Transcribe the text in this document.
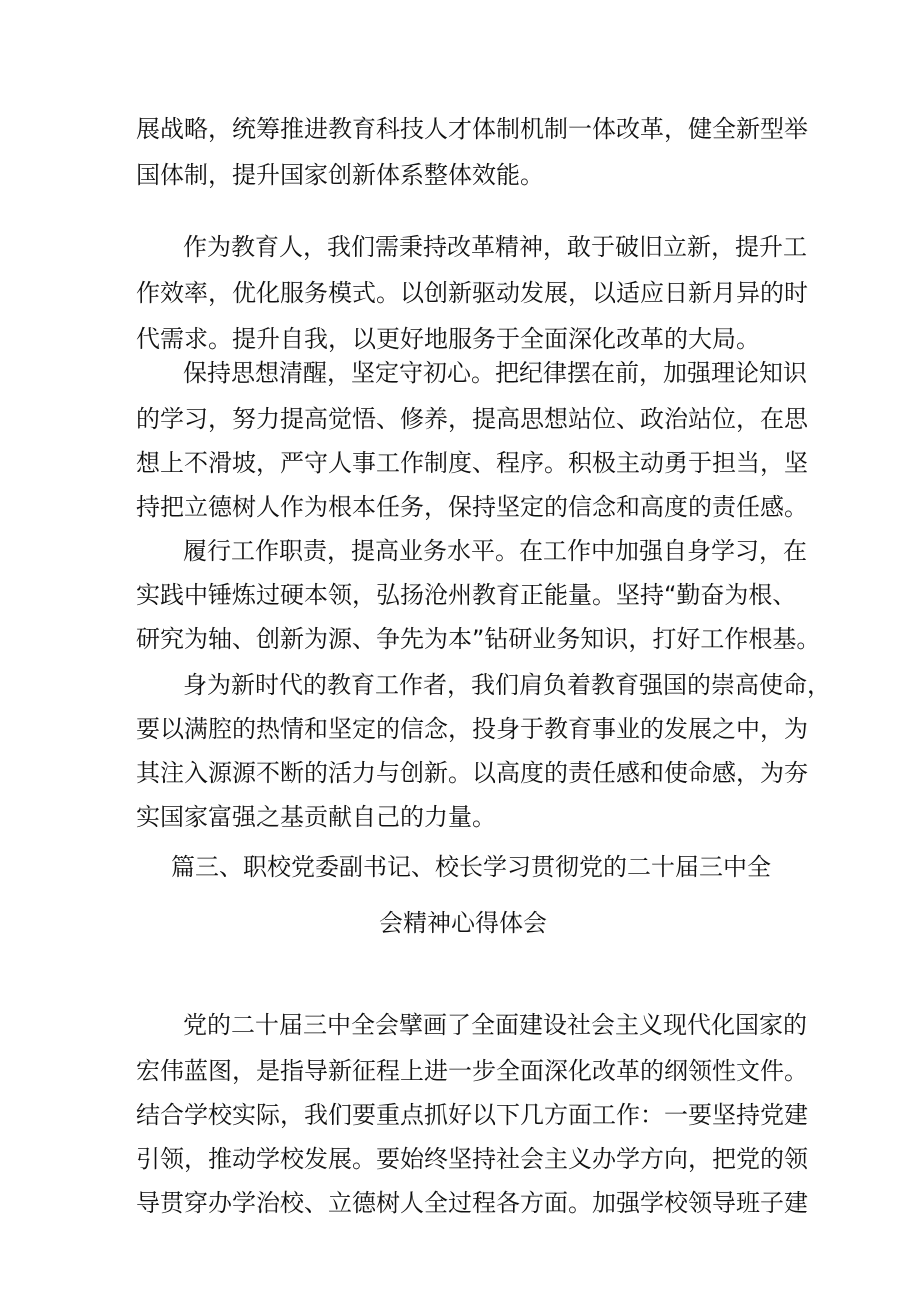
展战略，统筹推进教育科技人才体制机制一体改革，健全新型举
国体制，提升国家创新体系整体效能。
作为教育人，我们需秉持改革精神，敢于破旧立新，提升工
作效率，优化服务模式。以创新驱动发展，以适应日新月异的时
代需求。提升自我，以更好地服务于全面深化改革的大局。
保持思想清醒，坚定守初心。把纪律摆在前，加强理论知识
的学习，努力提高觉悟、修养，提高思想站位、政治站位，在思
想上不滑坡，严守人事工作制度、程序。积极主动勇于担当，坚
持把立德树人作为根本任务，保持坚定的信念和高度的责任感。
履行工作职责，提高业务水平。在工作中加强自身学习，在
实践中锤炼过硬本领，弘扬沧州教育正能量。坚持“勤奋为根、
研究为轴、创新为源、争先为本”钻研业务知识，打好工作根基。
身为新时代的教育工作者，我们肩负着教育强国的崇高使命，
要以满腔的热情和坚定的信念，投身于教育事业的发展之中，为
其注入源源不断的活力与创新。以高度的责任感和使命感，为夯
实国家富强之基贡献自己的力量。
篇三、职校党委副书记、校长学习贯彻党的二十届三中全
会精神心得体会
党的二十届三中全会擘画了全面建设社会主义现代化国家的
宏伟蓝图，是指导新征程上进一步全面深化改革的纲领性文件。
结合学校实际，我们要重点抓好以下几方面工作：一要坚持党建
引领，推动学校发展。要始终坚持社会主义办学方向，把党的领
导贯穿办学治校、立德树人全过程各方面。加强学校领导班子建
